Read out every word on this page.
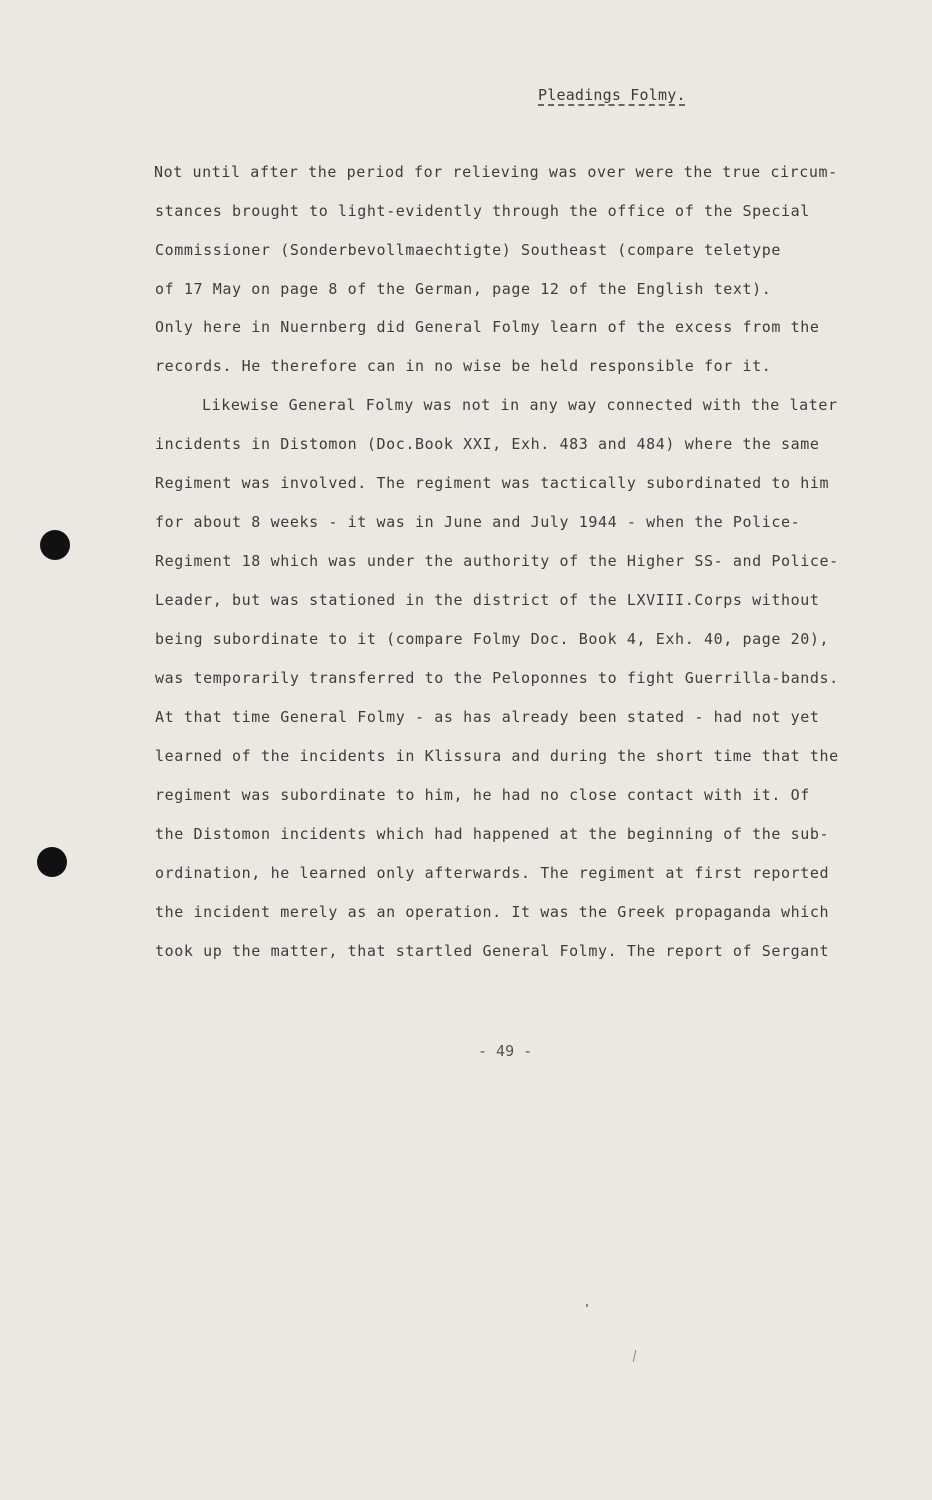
Pleadings Folmy.
Not until after the period for relieving was over were the true circum-
stances brought to light-evidently through the office of the Special
Commissioner (Sonderbevollmaechtigte) Southeast (compare teletype
of 17 May on page 8 of the German, page 12 of the English text).
Only here in Nuernberg did General Folmy learn of the excess from the
records. He therefore can in no wise be held responsible for it.
Likewise General Folmy was not in any way connected with the later
incidents in Distomon (Doc.Book XXI, Exh. 483 and 484) where the same
Regiment was involved. The regiment was tactically subordinated to him
for about 8 weeks - it was in June and July 1944 - when the Police-
Regiment 18 which was under the authority of the Higher SS- and Police-
Leader, but was stationed in the district of the LXVIII.Corps without
being subordinate to it (compare Folmy Doc. Book 4, Exh. 40, page 20),
was temporarily transferred to the Peloponnes to fight Guerrilla-bands.
At that time General Folmy - as has already been stated - had not yet
learned of the incidents in Klissura and during the short time that the
regiment was subordinate to him, he had no close contact with it. Of
the Distomon incidents which had happened at the beginning of the sub-
ordination, he learned only afterwards. The regiment at first reported
the incident merely as an operation. It was the Greek propaganda which
took up the matter, that startled General Folmy. The report of Sergant
- 49 -
